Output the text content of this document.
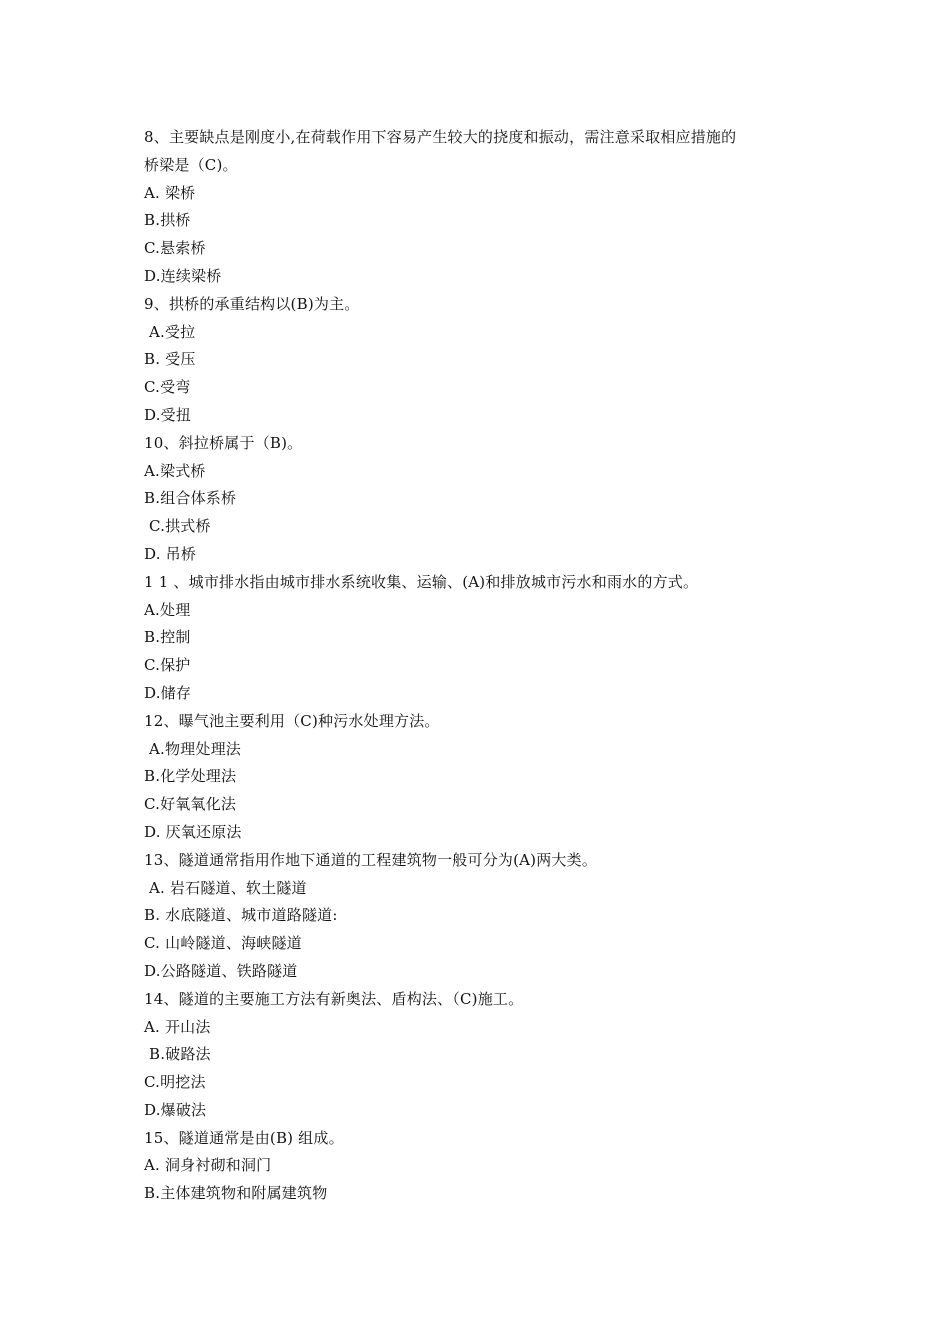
8、主要缺点是刚度小,在荷载作用下容易产生较大的挠度和振动，需注意采取相应措施的
桥梁是（C)。
A. 梁桥
B.拱桥
C.悬索桥
D.连续梁桥
9、拱桥的承重结构以(B)为主。
A.受拉
B. 受压
C.受弯
D.受扭
10、斜拉桥属于（B)。
A.梁式桥
B.组合体系桥
C.拱式桥
D. 吊桥
1 1 、城市排水指由城市排水系统收集、运输、(A)和排放城市污水和雨水的方式。
A.处理
B.控制
C.保护
D.储存
12、曝气池主要利用（C)种污水处理方法。
A.物理处理法
B.化学处理法
C.好氧氧化法
D. 厌氧还原法
13、隧道通常指用作地下通道的工程建筑物一般可分为(A)两大类。
A. 岩石隧道、软土隧道
B. 水底隧道、城市道路隧道:
C. 山岭隧道、海峡隧道
D.公路隧道、铁路隧道
14、隧道的主要施工方法有新奥法、盾构法、（C)施工。
A. 开山法
B.破路法
C.明挖法
D.爆破法
15、隧道通常是由(B) 组成。
A. 洞身衬砌和洞门
B.主体建筑物和附属建筑物
